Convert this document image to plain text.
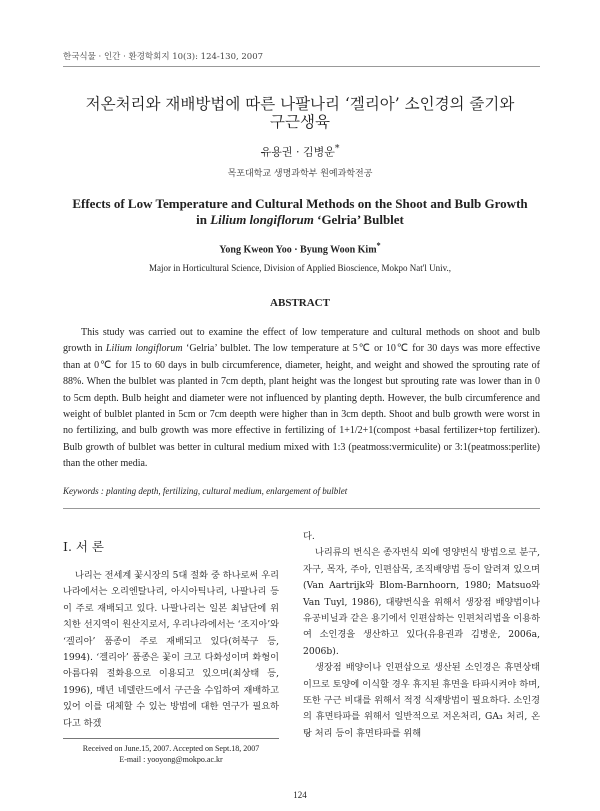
한국식물 · 인간 · 환경학회지 10(3): 124-130, 2007
저온처리와 재배방법에 따른 나팔나리 ‘겔리아’ 소인경의 줄기와
구근생육
유용권 · 김병운*
목포대학교 생명과학부 원예과학전공
Effects of Low Temperature and Cultural Methods on the Shoot and Bulb Growth
in Lilium longiflorum ‘Gelria’ Bulblet
Yong Kweon Yoo · Byung Woon Kim*
Major in Horticultural Science, Division of Applied Bioscience, Mokpo Nat'l Univ.,
ABSTRACT

This study was carried out to examine the effect of low temperature and cultural methods on shoot and bulb growth in Lilium longiflorum ‘Gelria’ bulblet. The low temperature at 5℃ or 10℃ for 30 days was more effective than at 0℃ for 15 to 60 days in bulb circumference, diameter, height, and weight and showed the sprouting rate of 88%. When the bulblet was planted in 7cm depth, plant height was the longest but sprouting rate was lower than in 0 to 5cm depth. Bulb height and diameter were not influenced by planting depth. However, the bulb circumference and weight of bulblet planted in 5cm or 7cm deepth were higher than in 3cm depth. Shoot and bulb growth were worst in no fertilizing, and bulb growth was more effective in fertilizing of 1+1/2+1(compost +basal fertilizer+top fertilizer). Bulb growth of bulblet was better in cultural medium mixed with 1:3 (peatmoss:vermiculite) or 3:1(peatmoss:perlite) than the other media.

Keywords : planting depth, fertilizing, cultural medium, enlargement of bulblet
Ⅰ. 서 론

나리는 전세계 꽃시장의 5대 절화 중 하나로써 우리나라에서는 오리엔탈나리, 아시아틱나리, 나팔나리 등이 주로 재배되고 있다. 나팔나리는 일본 최남단에 위치한 선지역이 원산지로서, 우리나라에서는 ‘조지아’와 ‘겔리아’ 품종이 주로 재배되고 있다(허북구 등, 1994). ‘겔리아’ 품종은 꽃이 크고 다화성이며 화형이 아름다워 절화용으로 이용되고 있으며(최상태 등, 1996), 매년 네델란드에서 구근을 수입하여 재배하고 있어 이를 대체할 수 있는 방법에 대한 연구가 필요하다고 하겠

다.

나리류의 번식은 종자번식 외에 영양번식 방법으로 분구, 자구, 목자, 주아, 인편삽목, 조직배양법 등이 알려져 있으며(Van Aartrijk와 Blom-Barnhoorn, 1980; Matsuo와 Van Tuyl, 1986), 대량번식을 위해서 생장점 배양법이나 유공비닐과 같은 용기에서 인편삽하는 인편처리법을 이용하여 소인경을 생산하고 있다(유용권과 김병운, 2006a, 2006b).

생장점 배양이나 인편삽으로 생산된 소인경은 휴면상태이므로 토양에 이식할 경우 휴지된 휴면을 타파시켜야 하며, 또한 구근 비대를 위해서 적정 식재방법이 필요하다. 소인경의 휴면타파를 위해서 일반적으로 저온처리, GA₃ 처리, 온탕 처리 등이 휴면타파를 위해

Received on June.15, 2007. Accepted on Sept.18, 2007
E-mail : yooyong@mokpo.ac.kr
124
